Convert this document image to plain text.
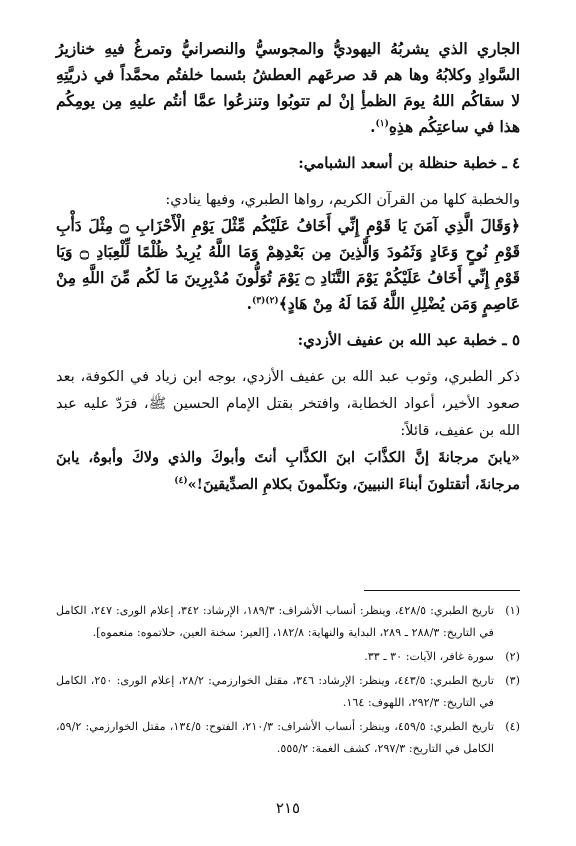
الجاري الذي يشربُهُ اليهوديُّ والمجوسيُّ والنصرانيُّ وتمرغُ فيهِ خنازيرُ السَّوادِ وكلابُهُ وها هم قد صرعَهم العطشُ بئسما خلفتُم محمَّداً في ذريَّتِهِ لا سقاكُم اللهُ يومَ الظمأِ إنْ لم تتوبُوا وتنزعُوا عمَّا أنتُم عليهِ مِن يومِكُم هذا في ساعتِكُم هذِهِ$^{(١)}$.

٤ ـ خطبة حنظلة بن أسعد الشبامي:

والخطبة كلها من القرآن الكريم، رواها الطبري، وفيها ينادي:

﴿وَقَالَ الَّذِي آمَنَ يَا قَوْمِ إِنِّي أَخَافُ عَلَيْكُم مِّثْلَ يَوْمِ الْأَحْزَابِ ۝ مِثْلَ دَأْبِ قَوْمِ نُوحٍ وَعَادٍ وَثَمُودَ وَالَّذِينَ مِن بَعْدِهِمْ وَمَا اللَّهُ يُرِيدُ ظُلْمًا لِّلْعِبَادِ ۝ وَيَا قَوْمِ إِنِّي أَخَافُ عَلَيْكُمْ يَوْمَ التَّنَادِ ۝ يَوْمَ تُوَلُّونَ مُدْبِرِينَ مَا لَكُم مِّنَ اللَّهِ مِنْ عَاصِمٍ وَمَن يُضْلِلِ اللَّهُ فَمَا لَهُ مِنْ هَادٍ﴾$^{(٢)(٣)}$.

٥ ـ خطبة عبد الله بن عفيف الأزدي:

ذكر الطبري، وثوب عبد الله بن عفيف الأزدي، بوجه ابن زياد في الكوفة، بعد صعود الأخير، أعواد الخطابة، وافتخر بقتل الإمام الحسين ﷺ، فرَدّ عليه عبد الله بن عفيف، قائلاً:

«يابنَ مرجانةَ إنَّ الكذَّابَ ابنَ الكذَّابِ أنتَ وأبوكَ والذي ولاكَ وأبوهُ، يابنَ مرجانةَ، أتقتلونَ أبناءَ النبيينَ، وتكلّمونَ بكلامِ الصدِّيقينَ!»$^{(٤)}$

(١)
تاريخ الطبري: ٤٢٨/٥، وينظر: أنساب الأشراف: ١٨٩/٣، الإرشاد: ٣٤٢، إعلام الورى: ٢٤٧، الكامل في التاريخ: ٢٨٨/٣ ـ ٢٨٩، البداية والنهاية: ١٨٢/٨، [العير: سخنة العين، حلاتموه: منعموه].
(٢)
سورة غافر، الآيات: ٣٠ ـ ٣٣.
(٣)
تاريخ الطبري: ٤٤٣/٥، وينظر: الإرشاد: ٣٤٦، مقتل الخوارزمي: ٢٨/٢، إعلام الورى: ٢٥٠، الكامل في التاريخ: ٢٩٢/٣، اللهوف: ١٦٤.
(٤)
تاريخ الطبري: ٤٥٩/٥، وينظر: أنساب الأشراف: ٢١٠/٣، الفتوح: ١٣٤/٥، مقتل الخوارزمي: ٥٩/٢، الكامل في التاريخ: ٢٩٧/٣، كشف الغمة: ٥٥٥/٢.
٢١٥
